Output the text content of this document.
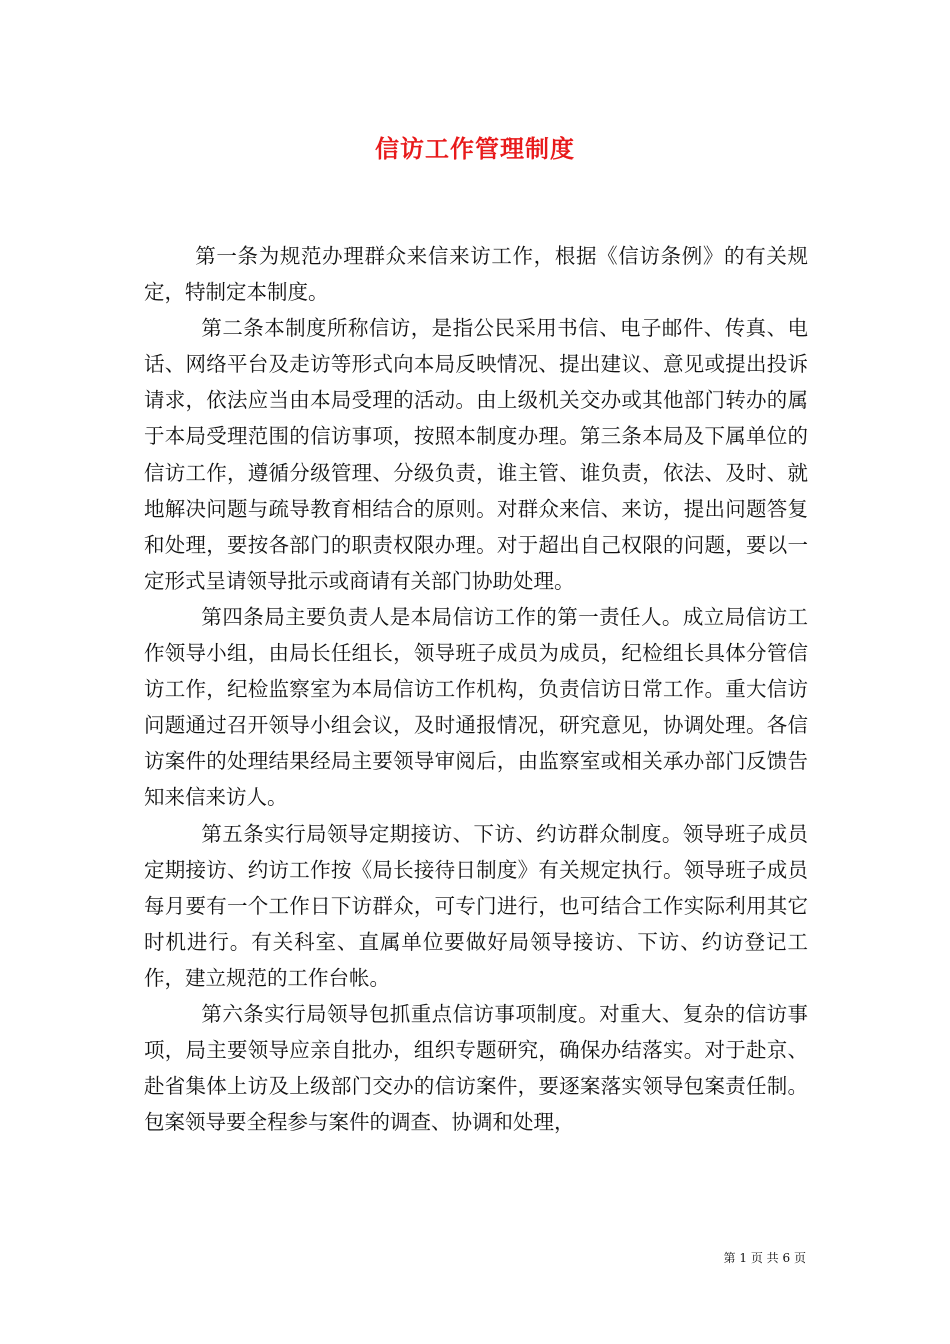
信访工作管理制度

第一条为规范办理群众来信来访工作，根据《信访条例》的有关规定，特制定本制度。

第二条本制度所称信访，是指公民采用书信、电子邮件、传真、电话、网络平台及走访等形式向本局反映情况、提出建议、意见或提出投诉请求，依法应当由本局受理的活动。由上级机关交办或其他部门转办的属于本局受理范围的信访事项，按照本制度办理。第三条本局及下属单位的信访工作，遵循分级管理、分级负责，谁主管、谁负责，依法、及时、就地解决问题与疏导教育相结合的原则。对群众来信、来访，提出问题答复和处理，要按各部门的职责权限办理。对于超出自己权限的问题，要以一定形式呈请领导批示或商请有关部门协助处理。

第四条局主要负责人是本局信访工作的第一责任人。成立局信访工作领导小组，由局长任组长，领导班子成员为成员，纪检组长具体分管信访工作，纪检监察室为本局信访工作机构，负责信访日常工作。重大信访问题通过召开领导小组会议，及时通报情况，研究意见，协调处理。各信访案件的处理结果经局主要领导审阅后，由监察室或相关承办部门反馈告知来信来访人。

第五条实行局领导定期接访、下访、约访群众制度。领导班子成员定期接访、约访工作按《局长接待日制度》有关规定执行。领导班子成员每月要有一个工作日下访群众，可专门进行，也可结合工作实际利用其它时机进行。有关科室、直属单位要做好局领导接访、下访、约访登记工作，建立规范的工作台帐。

第六条实行局领导包抓重点信访事项制度。对重大、复杂的信访事项，局主要领导应亲自批办，组织专题研究，确保办结落实。对于赴京、赴省集体上访及上级部门交办的信访案件，要逐案落实领导包案责任制。包案领导要全程参与案件的调查、协调和处理，

第 1 页 共 6 页
